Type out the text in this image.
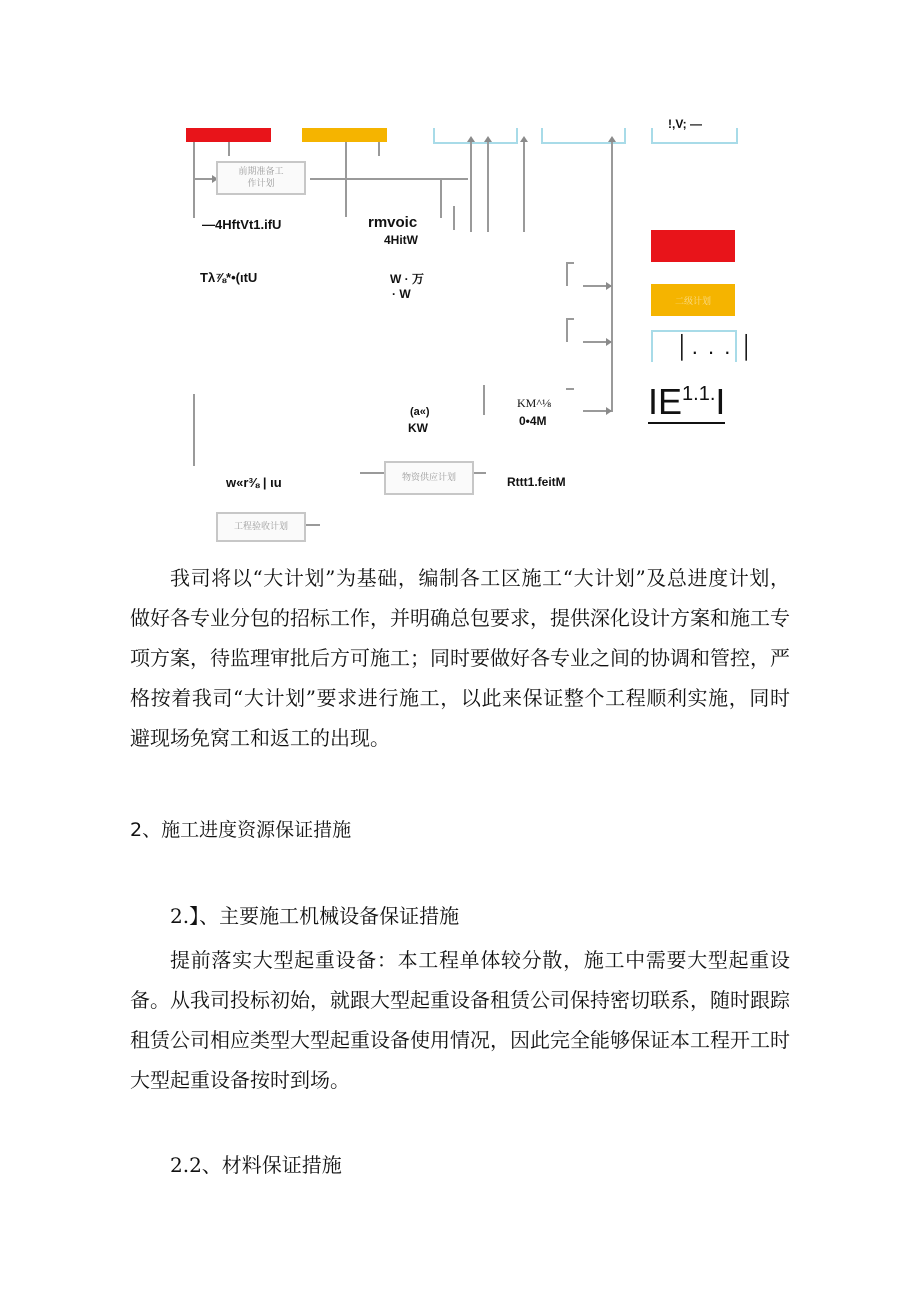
!,V; —
前期准备工作计划
物资供应计划
工程验收计划
—4HftVt1.ifU	rmvoic
4HitW
Tλ⅞*•(ιtU	W · 万
· W
(a«)
KW
KM^⅛
0•4M
w«r⅜ | ιu	Rttt1.feitM
二级计划
│. . . │
$IE^{1.1.}I$

我司将以“大计划”为基础，编制各工区施工“大计划”及总进度计划，做好各专业分包的招标工作，并明确总包要求，提供深化设计方案和施工专项方案，待监理审批后方可施工；同时要做好各专业之间的协调和管控，严格按着我司“大计划”要求进行施工，以此来保证整个工程顺利实施，同时避现场免窝工和返工的出现。

2、施工进度资源保证措施
2.】、主要施工机械设备保证措施

提前落实大型起重设备：本工程单体较分散，施工中需要大型起重设备。从我司投标初始，就跟大型起重设备租赁公司保持密切联系，随时跟踪租赁公司相应类型大型起重设备使用情况，因此完全能够保证本工程开工时大型起重设备按时到场。

2.2、材料保证措施
